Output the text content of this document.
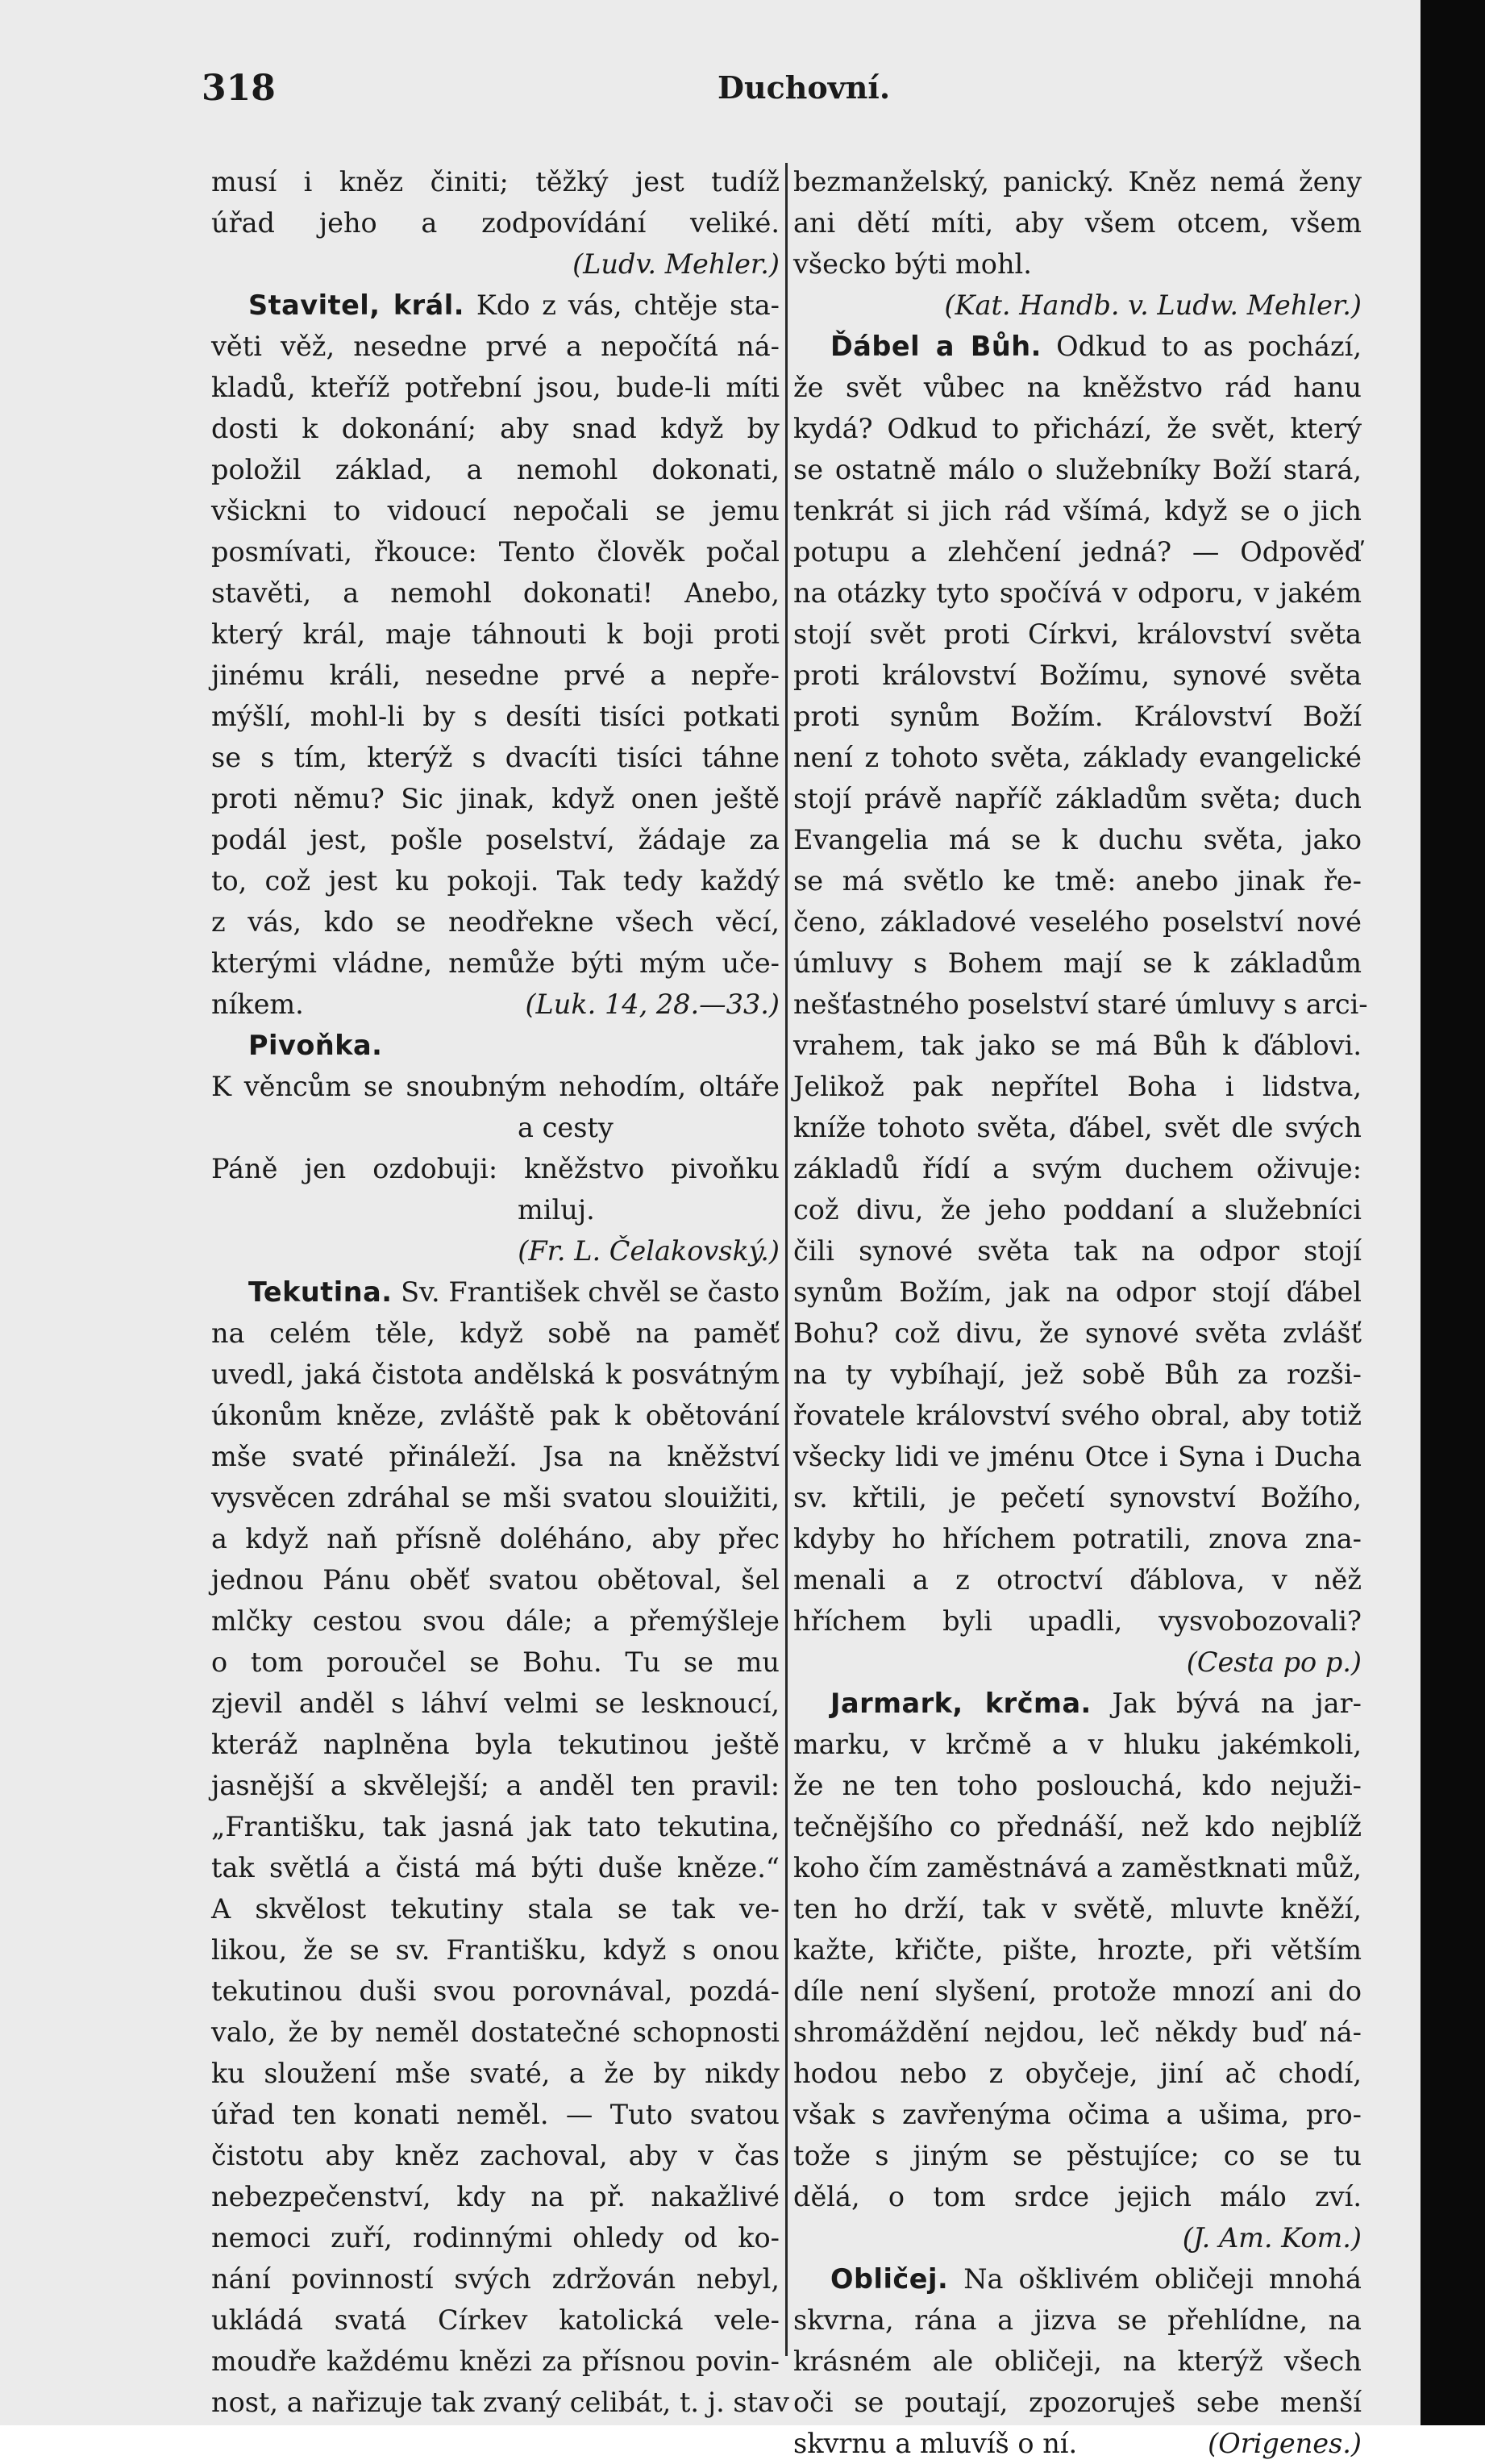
318	Duchovní.
musí i kněz činiti; těžký jest tudíž
úřad jeho a zodpovídání veliké.
(Ludv. Mehler.)
Stavitel, král. Kdo z vás, chtěje sta-
věti věž, nesedne prvé a nepočítá ná-
kladů, kteříž potřební jsou, bude-li míti
dosti k dokonání; aby snad když by
položil základ, a nemohl dokonati,
všickni to vidoucí nepočali se jemu
posmívati, řkouce: Tento člověk počal
stavěti, a nemohl dokonati! Anebo,
který král, maje táhnouti k boji proti
jinému králi, nesedne prvé a nepře-
mýšlí, mohl-li by s desíti tisíci potkati
se s tím, kterýž s dvacíti tisíci táhne
proti němu? Sic jinak, když onen ještě
podál jest, pošle poselství, žádaje za
to, což jest ku pokoji. Tak tedy každý
z vás, kdo se neodřekne všech věcí,
kterými vládne, nemůže býti mým uče-
níkem.	(Luk. 14, 28.—33.)
Pivoňka.
K věncům se snoubným nehodím, oltáře
a cesty
Páně jen ozdobuji: kněžstvo pivoňku
miluj.
(Fr. L. Čelakovský.)
Tekutina. Sv. František chvěl se často
na celém těle, když sobě na paměť
uvedl, jaká čistota andělská k posvátným
úkonům kněze, zvláště pak k obětování
mše svaté přináleží. Jsa na kněžství
vysvěcen zdráhal se mši svatou slouižiti,
a když naň přísně doléháno, aby přec
jednou Pánu oběť svatou obětoval, šel
mlčky cestou svou dále; a přemýšleje
o tom poroučel se Bohu. Tu se mu
zjevil anděl s láhví velmi se lesknoucí,
kteráž naplněna byla tekutinou ještě
jasnější a skvělejší; a anděl ten pravil:
„Františku, tak jasná jak tato tekutina,
tak světlá a čistá má býti duše kněze.“
A skvělost tekutiny stala se tak ve-
likou, že se sv. Františku, když s onou
tekutinou duši svou porovnával, pozdá-
valo, že by neměl dostatečné schopnosti
ku sloužení mše svaté, a že by nikdy
úřad ten konati neměl. — Tuto svatou
čistotu aby kněz zachoval, aby v čas
nebezpečenství, kdy na př. nakažlivé
nemoci zuří, rodinnými ohledy od ko-
nání povinností svých zdržován nebyl,
ukládá svatá Církev katolická vele-
moudře každému knězi za přísnou povin-
nost, a nařizuje tak zvaný celibát, t. j. stav
bezmanželský, panický. Kněz nemá ženy
ani dětí míti, aby všem otcem, všem
všecko býti mohl.
(Kat. Handb. v. Ludw. Mehler.)
Ďábel a Bůh. Odkud to as pochází,
že svět vůbec na kněžstvo rád hanu
kydá? Odkud to přichází, že svět, který
se ostatně málo o služebníky Boží stará,
tenkrát si jich rád všímá, když se o jich
potupu a zlehčení jedná? — Odpověď
na otázky tyto spočívá v odporu, v jakém
stojí svět proti Církvi, království světa
proti království Božímu, synové světa
proti synům Božím. Království Boží
není z tohoto světa, základy evangelické
stojí právě napříč základům světa; duch
Evangelia má se k duchu světa, jako
se má světlo ke tmě: anebo jinak ře-
čeno, základové veselého poselství nové
úmluvy s Bohem mají se k základům
nešťastného poselství staré úmluvy s arci-
vrahem, tak jako se má Bůh k ďáblovi.
Jelikož pak nepřítel Boha i lidstva,
kníže tohoto světa, ďábel, svět dle svých
základů řídí a svým duchem oživuje:
což divu, že jeho poddaní a služebníci
čili synové světa tak na odpor stojí
synům Božím, jak na odpor stojí ďábel
Bohu? což divu, že synové světa zvlášť
na ty vybíhají, jež sobě Bůh za rozši-
řovatele království svého obral, aby totiž
všecky lidi ve jménu Otce i Syna i Ducha
sv. křtili, je pečetí synovství Božího,
kdyby ho hříchem potratili, znova zna-
menali a z otroctví ďáblova, v něž
hříchem byli upadli, vysvobozovali?
(Cesta po p.)
Jarmark, krčma. Jak bývá na jar-
marku, v krčmě a v hluku jakémkoli,
že ne ten toho poslouchá, kdo nejuži-
tečnějšího co přednáší, než kdo nejblíž
koho čím zaměstnává a zaměstknati můž,
ten ho drží, tak v světě, mluvte kněží,
kažte, křičte, pište, hrozte, při větším
díle není slyšení, protože mnozí ani do
shromáždění nejdou, leč někdy buď ná-
hodou nebo z obyčeje, jiní ač chodí,
však s zavřenýma očima a ušima, pro-
tože s jiným se pěstujíce; co se tu
dělá, o tom srdce jejich málo zví.
(J. Am. Kom.)
Obličej. Na ošklivém obličeji mnohá
skvrna, rána a jizva se přehlídne, na
krásném ale obličeji, na kterýž všech
oči se poutají, zpozoruješ sebe menší
skvrnu a mluvíš o ní.	(Origenes.)
